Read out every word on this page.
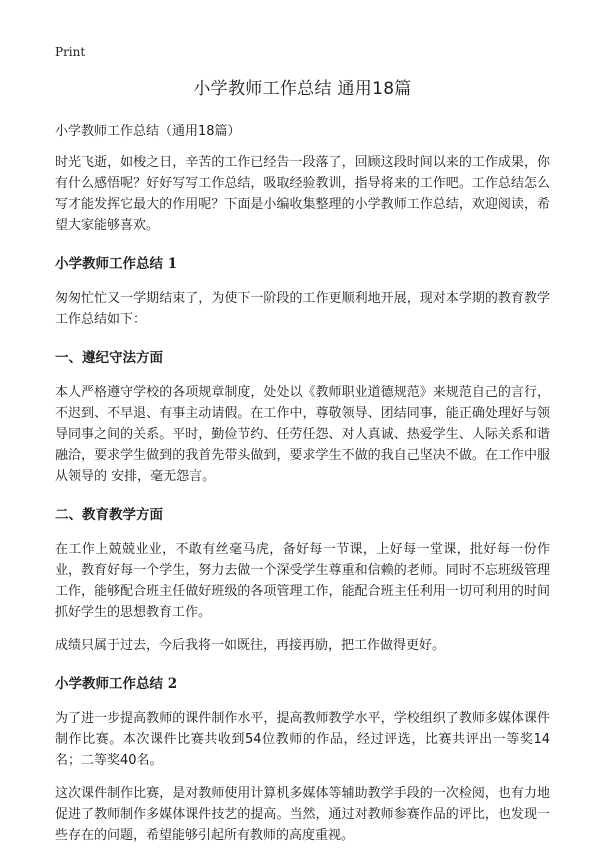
Print
小学教师工作总结 通用18篇
小学教师工作总结（通用18篇）

时光飞逝，如梭之日，辛苦的工作已经告一段落了，回顾这段时间以来的工作成果，你有什么感悟呢？好好写写工作总结，吸取经验教训，指导将来的工作吧。工作总结怎么写才能发挥它最大的作用呢？下面是小编收集整理的小学教师工作总结，欢迎阅读，希望大家能够喜欢。

小学教师工作总结 1

匆匆忙忙又一学期结束了，为使下一阶段的工作更顺利地开展，现对本学期的教育教学工作总结如下：

一、遵纪守法方面

本人严格遵守学校的各项规章制度，处处以《教师职业道德规范》来规范自己的言行，不迟到、不早退、有事主动请假。在工作中，尊敬领导、团结同事，能正确处理好与领导同事之间的关系。平时，勤俭节约、任劳任怨、对人真诚、热爱学生、人际关系和谐融洽，要求学生做到的我首先带头做到，要求学生不做的我自己坚决不做。在工作中服从领导的 安排，毫无怨言。

二、教育教学方面

在工作上兢兢业业，不敢有丝毫马虎，备好每一节课，上好每一堂课，批好每一份作业，教育好每一个学生，努力去做一个深受学生尊重和信赖的老师。同时不忘班级管理工作，能够配合班主任做好班级的各项管理工作，能配合班主任利用一切可利用的时间抓好学生的思想教育工作。

成绩只属于过去，今后我将一如既往，再接再励，把工作做得更好。

小学教师工作总结 2

为了进一步提高教师的课件制作水平，提高教师教学水平，学校组织了教师多媒体课件制作比赛。本次课件比赛共收到54位教师的作品，经过评选，比赛共评出一等奖14名；二等奖40名。

这次课件制作比赛，是对教师使用计算机多媒体等辅助教学手段的一次检阅，也有力地促进了教师制作多媒体课件技艺的提高。当然，通过对教师参赛作品的评比，也发现一些存在的问题，希望能够引起所有教师的高度重视。
